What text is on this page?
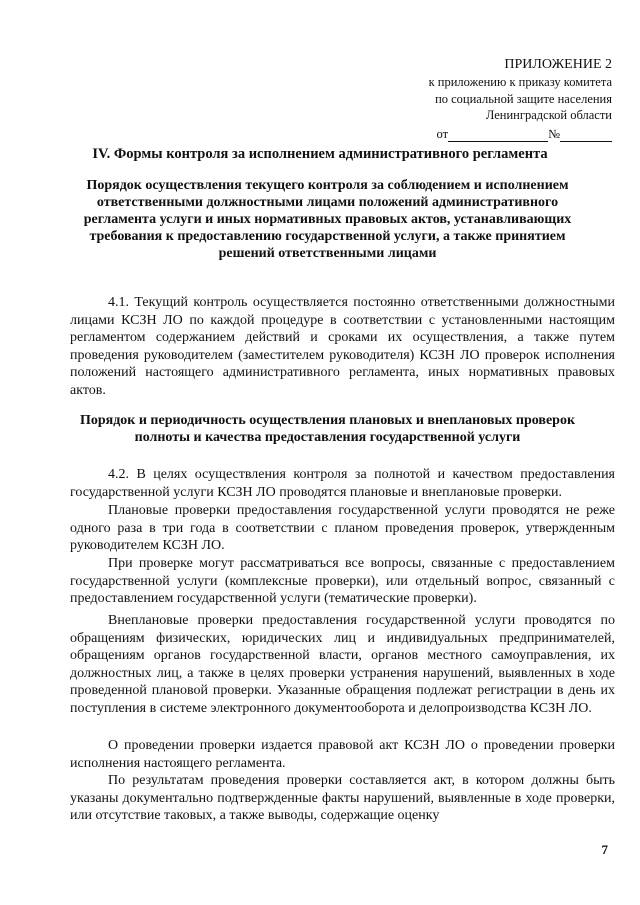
ПРИЛОЖЕНИЕ 2
к приложению к приказу комитета
по социальной защите населения
Ленинградской области
от	№
IV. Формы контроля за исполнением административного регламента
Порядок осуществления текущего контроля за соблюдением и исполнением ответственными должностными лицами положений административного регламента услуги и иных нормативных правовых актов, устанавливающих требования к предоставлению государственной услуги, а также принятием решений ответственными лицами

4.1. Текущий контроль осуществляется постоянно ответственными должностными лицами КСЗН ЛО по каждой процедуре в соответствии с установленными настоящим регламентом содержанием действий и сроками их осуществления, а также путем проведения руководителем (заместителем руководителя) КСЗН ЛО проверок исполнения положений настоящего административного регламента, иных нормативных правовых актов.

Порядок и периодичность осуществления плановых и внеплановых проверок полноты и качества предоставления государственной услуги

4.2. В целях осуществления контроля за полнотой и качеством предоставления государственной услуги КСЗН ЛО проводятся плановые и внеплановые проверки.

Плановые проверки предоставления государственной услуги проводятся не реже одного раза в три года в соответствии с планом проведения проверок, утвержденным руководителем КСЗН ЛО.

При проверке могут рассматриваться все вопросы, связанные с предоставлением государственной услуги (комплексные проверки), или отдельный вопрос, связанный с предоставлением государственной услуги (тематические проверки).

Внеплановые проверки предоставления государственной услуги проводятся по обращениям физических, юридических лиц и индивидуальных предпринимателей, обращениям органов государственной власти, органов местного самоуправления, их должностных лиц, а также в целях проверки устранения нарушений, выявленных в ходе проведенной плановой проверки. Указанные обращения подлежат регистрации в день их поступления в системе электронного документооборота и делопроизводства КСЗН ЛО.

О проведении проверки издается правовой акт КСЗН ЛО о проведении проверки исполнения настоящего регламента.

По результатам проведения проверки составляется акт, в котором должны быть указаны документально подтвержденные факты нарушений, выявленные в ходе проверки, или отсутствие таковых, а также выводы, содержащие оценку

7
